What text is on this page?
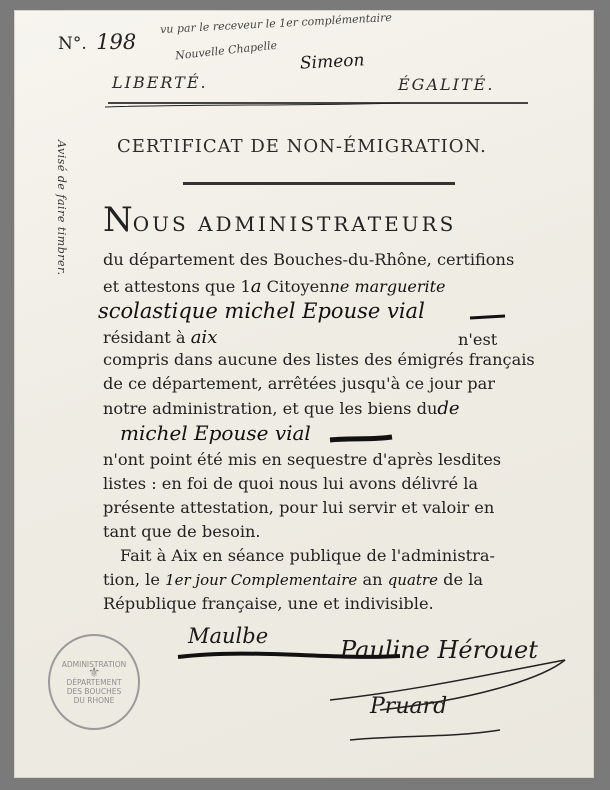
N°. 198
vu par le receveur le 1er complémentaire
Nouvelle Chapelle Simeon
LIBERTÉ.	ÉGALITÉ.
CERTIFICAT DE NON-ÉMIGRATION.
Avisé de faire timbrer. NOUS ADMINISTRATEURS
du département des Bouches-du-Rhône, certifions
et attestons que 1a Citoyenne marguerite
scolastique michel Epouse vial
résidant à aix	n'est
compris dans aucune des listes des émigrés français
de ce département, arrêtées jusqu'à ce jour par
notre administration, et que les biens dude
michel Epouse vial
n'ont point été mis en sequestre d'après lesdites
listes : en foi de quoi nous lui avons délivré la
présente attestation, pour lui servir et valoir en
tant que de besoin.
Fait à Aix en séance publique de l'administra-
tion, le 1er jour Complementaire an quatre de la
République française, une et indivisible.
ADMINISTRATION
⚜
DÉPARTEMENT
DES BOUCHES
DU RHONE
Maulbe	Pauline Hérouet
Pruard
